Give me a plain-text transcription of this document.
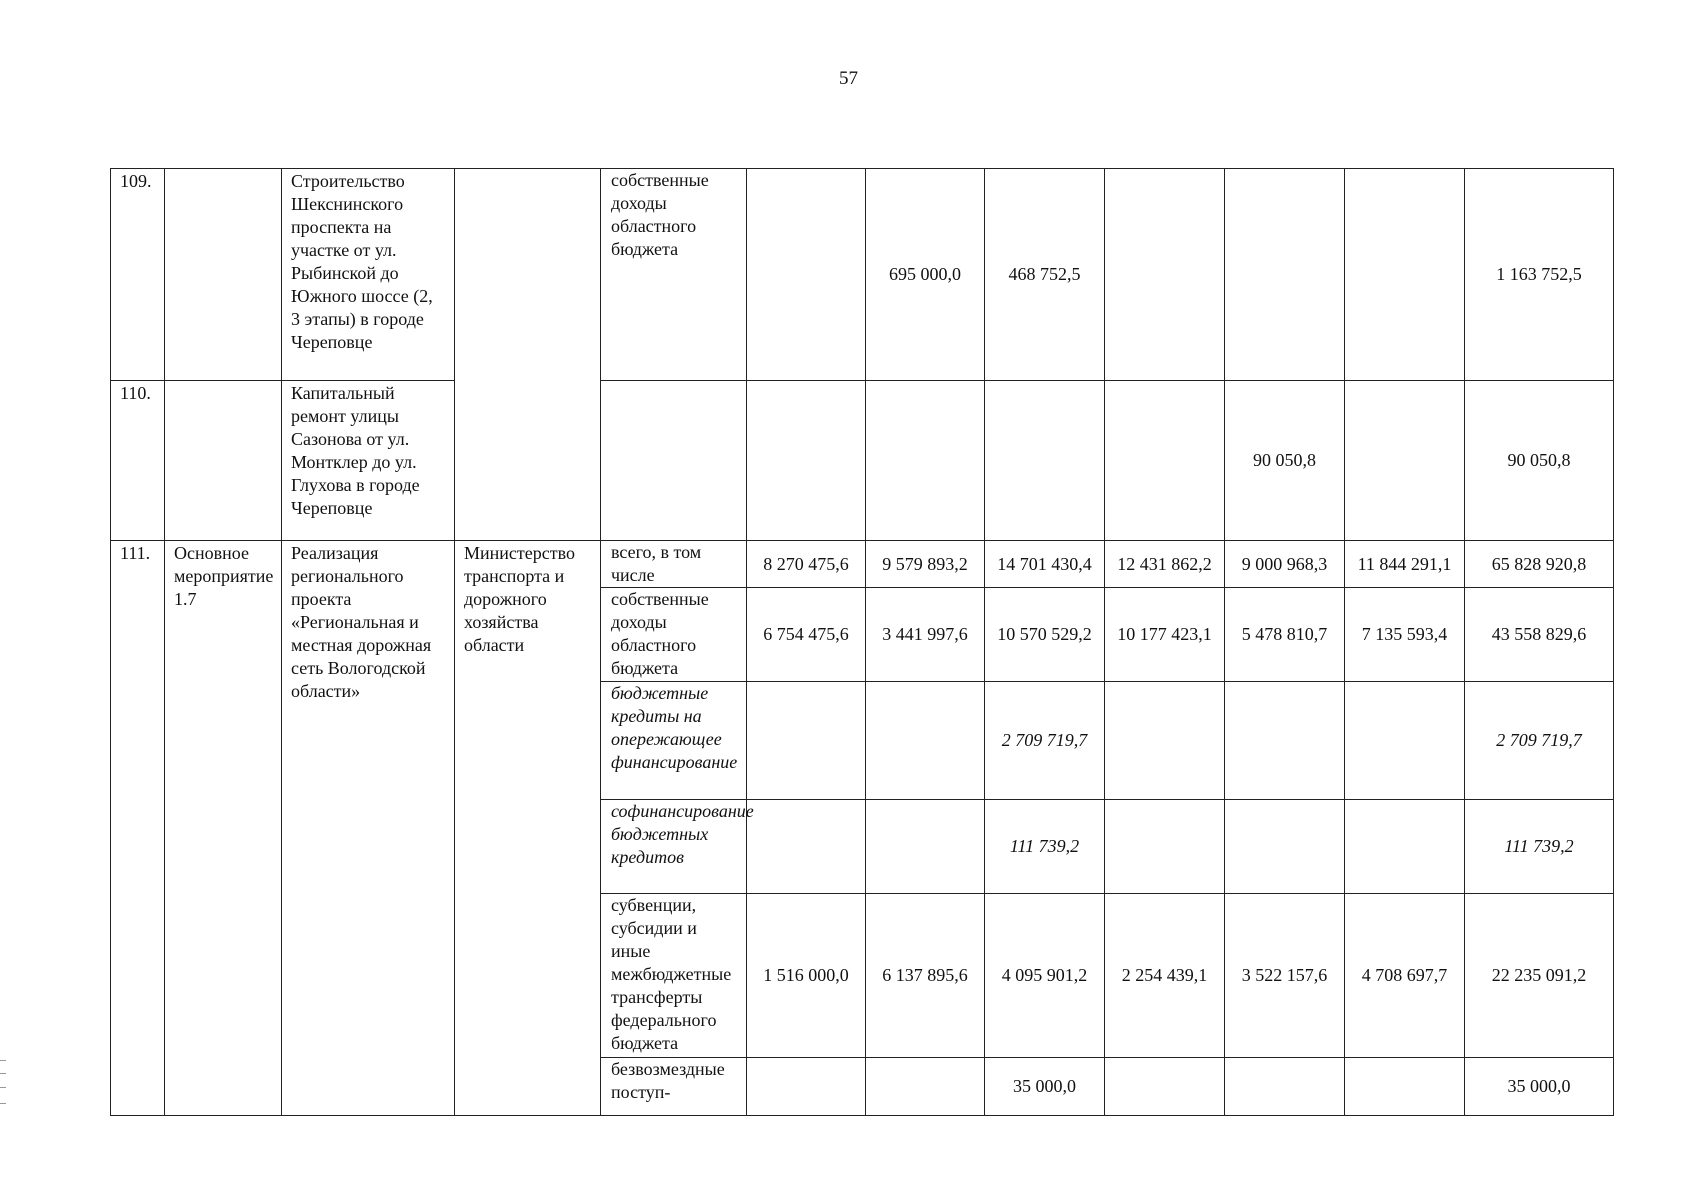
57
109.		Строительство Шекснинского проспекта на участке от ул. Рыбинской до Южного шоссе (2, 3 этапы) в городе Череповце		собственные доходы областного бюджета		695 000,0	468 752,5				1 163 752,5
110.		Капитальный ремонт улицы Сазонова от ул. Монтклер до ул. Глухова в городе Череповце							90 050,8		90 050,8
111.	Основное мероприятие 1.7	Реализация регионального проекта «Региональная и местная дорожная сеть Вологодской области»	Министерство транспорта и дорожного хозяйства области	всего, в том числе	8 270 475,6	9 579 893,2	14 701 430,4	12 431 862,2	9 000 968,3	11 844 291,1	65 828 920,8
				собственные доходы областного бюджета	6 754 475,6	3 441 997,6	10 570 529,2	10 177 423,1	5 478 810,7	7 135 593,4	43 558 829,6
				бюджетные кредиты на опережающее финансирование			2 709 719,7				2 709 719,7
				софинансирование бюджетных кредитов			111 739,2				111 739,2
				субвенции, субсидии и иные межбюджетные трансферты федерального бюджета	1 516 000,0	6 137 895,6	4 095 901,2	2 254 439,1	3 522 157,6	4 708 697,7	22 235 091,2
				безвозмездные поступ-			35 000,0				35 000,0
